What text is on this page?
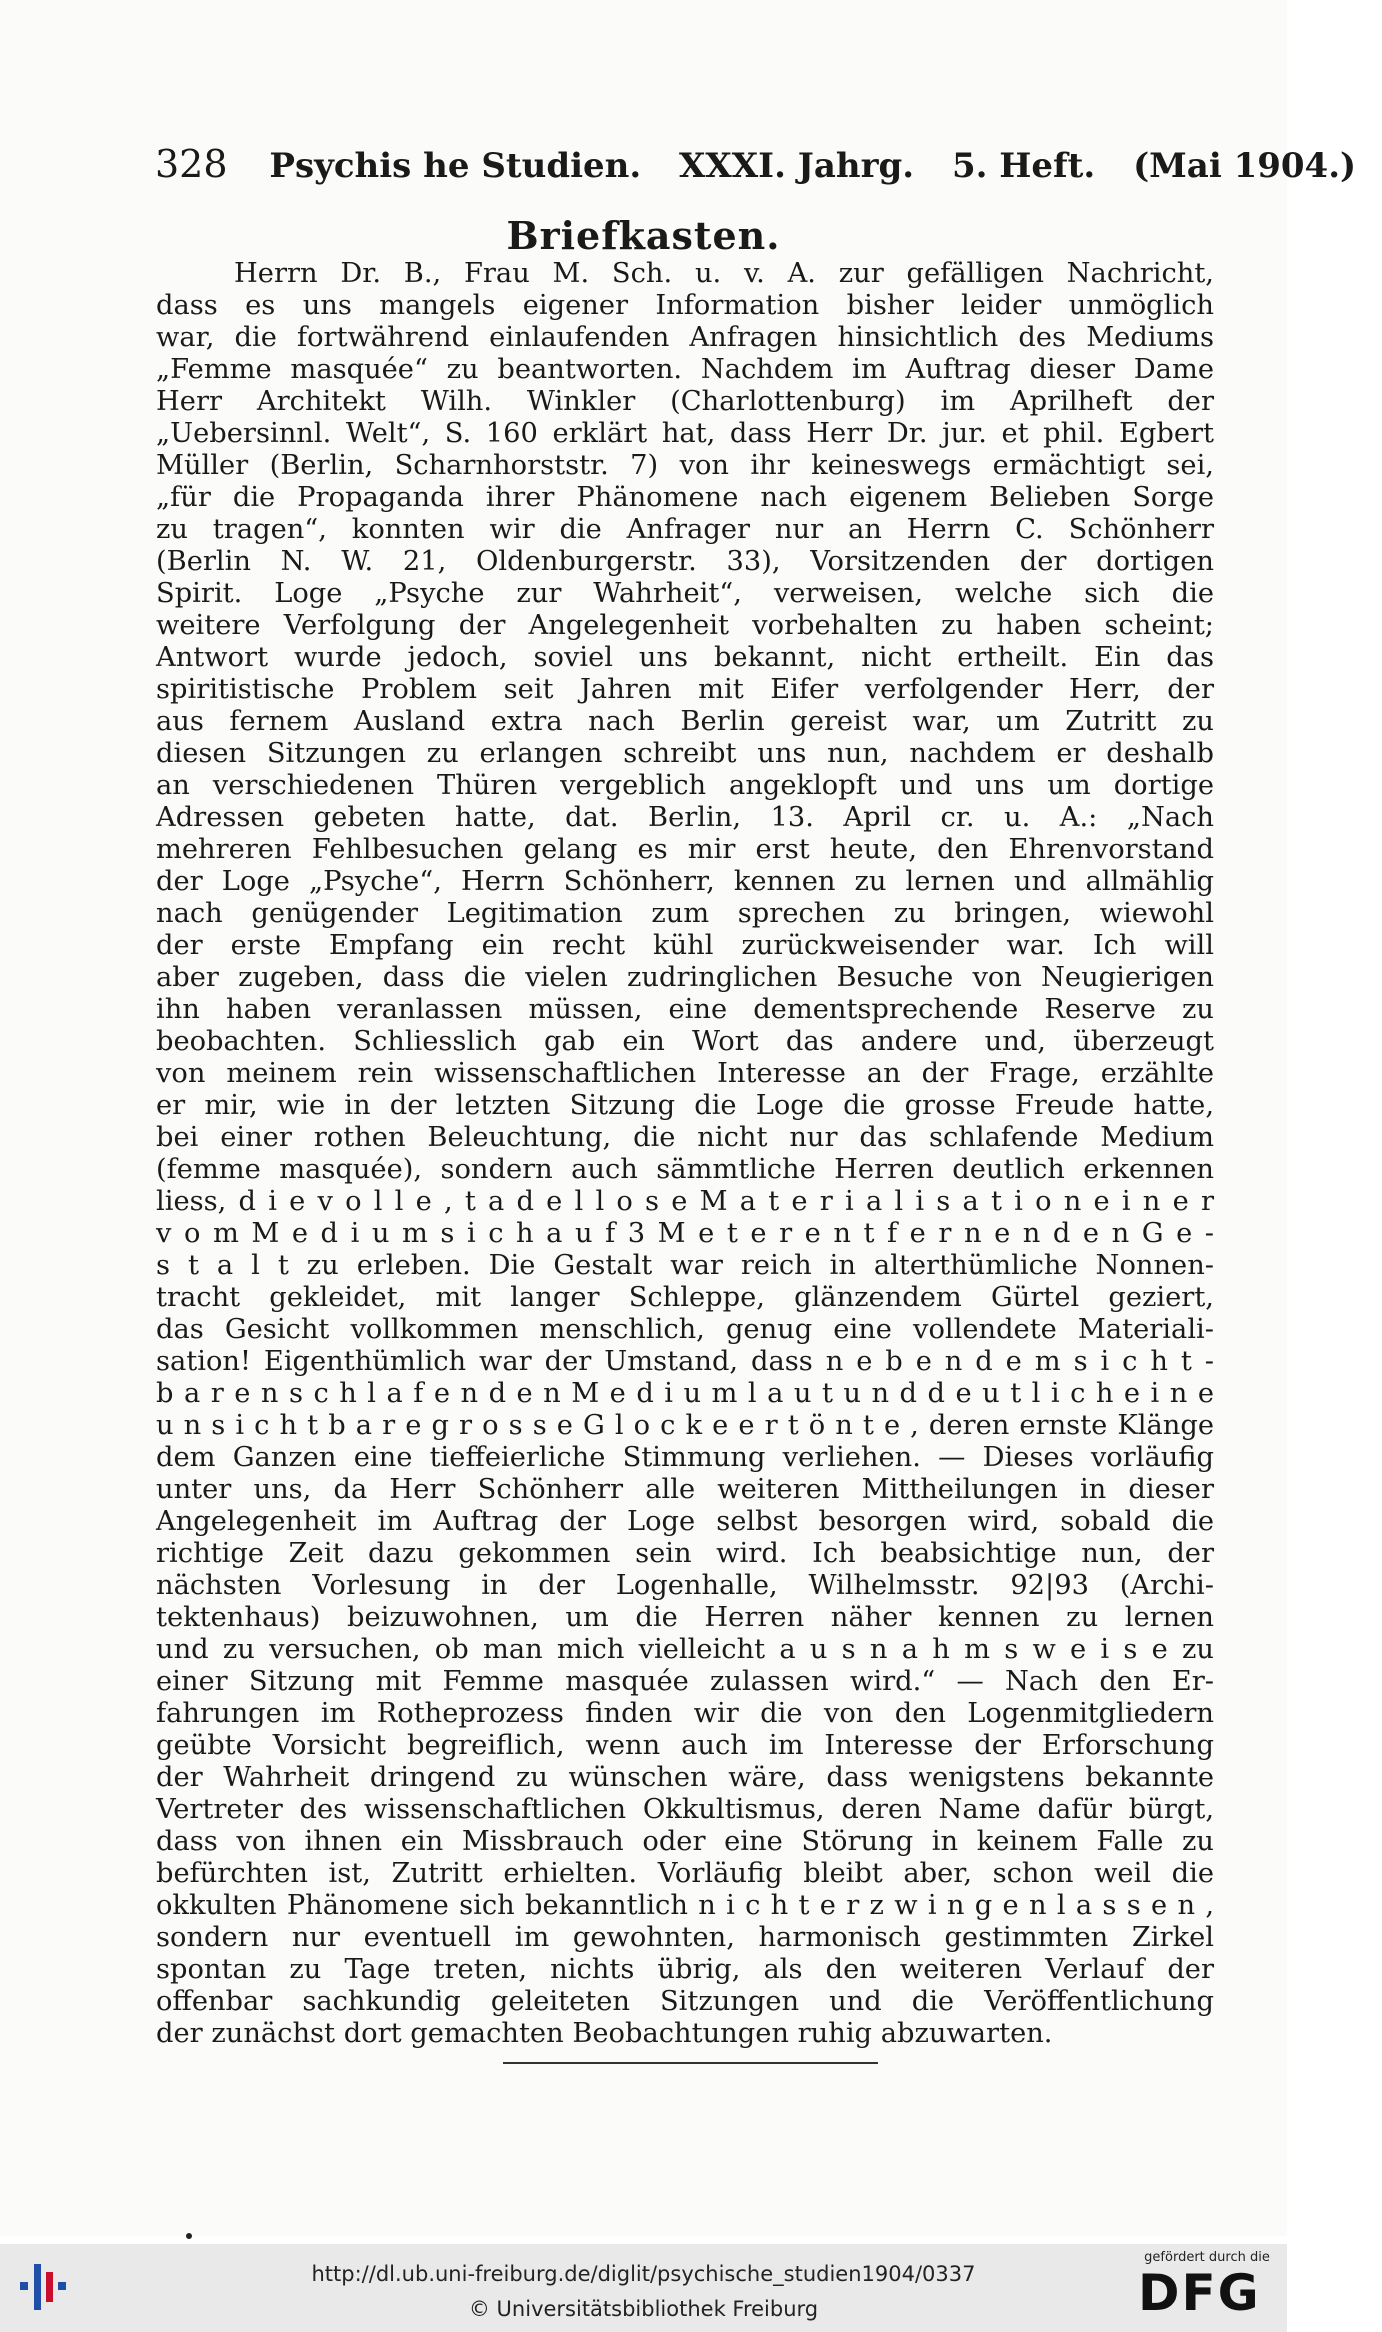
328 Psychis he Studien. XXXI. Jahrg. 5. Heft. (Mai 1904.)
Briefkasten.
Herrn Dr. B., Frau M. Sch. u. v. A. zur gefälligen Nachricht,
dass es uns mangels eigener Information bisher leider unmöglich
war, die fortwährend einlaufenden Anfragen hinsichtlich des Mediums
„Femme masquée“ zu beantworten. Nachdem im Auftrag dieser Dame
Herr Architekt Wilh. Winkler (Charlottenburg) im Aprilheft der
„Uebersinnl. Welt“, S. 160 erklärt hat, dass Herr Dr. jur. et phil. Egbert
Müller (Berlin, Scharnhorststr. 7) von ihr keineswegs ermächtigt sei,
„für die Propaganda ihrer Phänomene nach eigenem Belieben Sorge
zu tragen“, konnten wir die Anfrager nur an Herrn C. Schönherr
(Berlin N. W. 21, Oldenburgerstr. 33), Vorsitzenden der dortigen
Spirit. Loge „Psyche zur Wahrheit“, verweisen, welche sich die
weitere Verfolgung der Angelegenheit vorbehalten zu haben scheint;
Antwort wurde jedoch, soviel uns bekannt, nicht ertheilt. Ein das
spiritistische Problem seit Jahren mit Eifer verfolgender Herr, der
aus fernem Ausland extra nach Berlin gereist war, um Zutritt zu
diesen Sitzungen zu erlangen schreibt uns nun, nachdem er deshalb
an verschiedenen Thüren vergeblich angeklopft und uns um dortige
Adressen gebeten hatte, dat. Berlin, 13. April cr. u. A.: „Nach
mehreren Fehlbesuchen gelang es mir erst heute, den Ehrenvorstand
der Loge „Psyche“, Herrn Schönherr, kennen zu lernen und allmählig
nach genügender Legitimation zum sprechen zu bringen, wiewohl
der erste Empfang ein recht kühl zurückweisender war. Ich will
aber zugeben, dass die vielen zudringlichen Besuche von Neugierigen
ihn haben veranlassen müssen, eine dementsprechende Reserve zu
beobachten. Schliesslich gab ein Wort das andere und, überzeugt
von meinem rein wissenschaftlichen Interesse an der Frage, erzählte
er mir, wie in der letzten Sitzung die Loge die grosse Freude hatte,
bei einer rothen Beleuchtung, die nicht nur das schlafende Medium
(femme masquée), sondern auch sämmtliche Herren deutlich erkennen
liess, d i e v o l l e , t a d e l l o s e M a t e r i a l i s a t i o n e i n e r
v o m M e d i u m s i c h a u f 3 M e t e r e n t f e r n e n d e n G e -
s t a l t zu erleben. Die Gestalt war reich in alterthümliche Nonnen-
tracht gekleidet, mit langer Schleppe, glänzendem Gürtel geziert,
das Gesicht vollkommen menschlich, genug eine vollendete Materiali-
sation! Eigenthümlich war der Umstand, dass n e b e n d e m s i c h t -
b a r e n s c h l a f e n d e n M e d i u m l a u t u n d d e u t l i c h e i n e
u n s i c h t b a r e g r o s s e G l o c k e e r t ö n t e , deren ernste Klänge
dem Ganzen eine tieffeierliche Stimmung verliehen. — Dieses vorläufig
unter uns, da Herr Schönherr alle weiteren Mittheilungen in dieser
Angelegenheit im Auftrag der Loge selbst besorgen wird, sobald die
richtige Zeit dazu gekommen sein wird. Ich beabsichtige nun, der
nächsten Vorlesung in der Logenhalle, Wilhelmsstr. 92|93 (Archi-
tektenhaus) beizuwohnen, um die Herren näher kennen zu lernen
und zu versuchen, ob man mich vielleicht a u s n a h m s w e i s e zu
einer Sitzung mit Femme masquée zulassen wird.“ — Nach den Er-
fahrungen im Rotheprozess finden wir die von den Logenmitgliedern
geübte Vorsicht begreiflich, wenn auch im Interesse der Erforschung
der Wahrheit dringend zu wünschen wäre, dass wenigstens bekannte
Vertreter des wissenschaftlichen Okkultismus, deren Name dafür bürgt,
dass von ihnen ein Missbrauch oder eine Störung in keinem Falle zu
befürchten ist, Zutritt erhielten. Vorläufig bleibt aber, schon weil die
okkulten Phänomene sich bekanntlich n i c h t e r z w i n g e n l a s s e n ,
sondern nur eventuell im gewohnten, harmonisch gestimmten Zirkel
spontan zu Tage treten, nichts übrig, als den weiteren Verlauf der
offenbar sachkundig geleiteten Sitzungen und die Veröffentlichung
der zunächst dort gemachten Beobachtungen ruhig abzuwarten.
http://dl.ub.uni-freiburg.de/diglit/psychische_studien1904/0337
© Universitätsbibliothek Freiburg
gefördert durch die
DFG
